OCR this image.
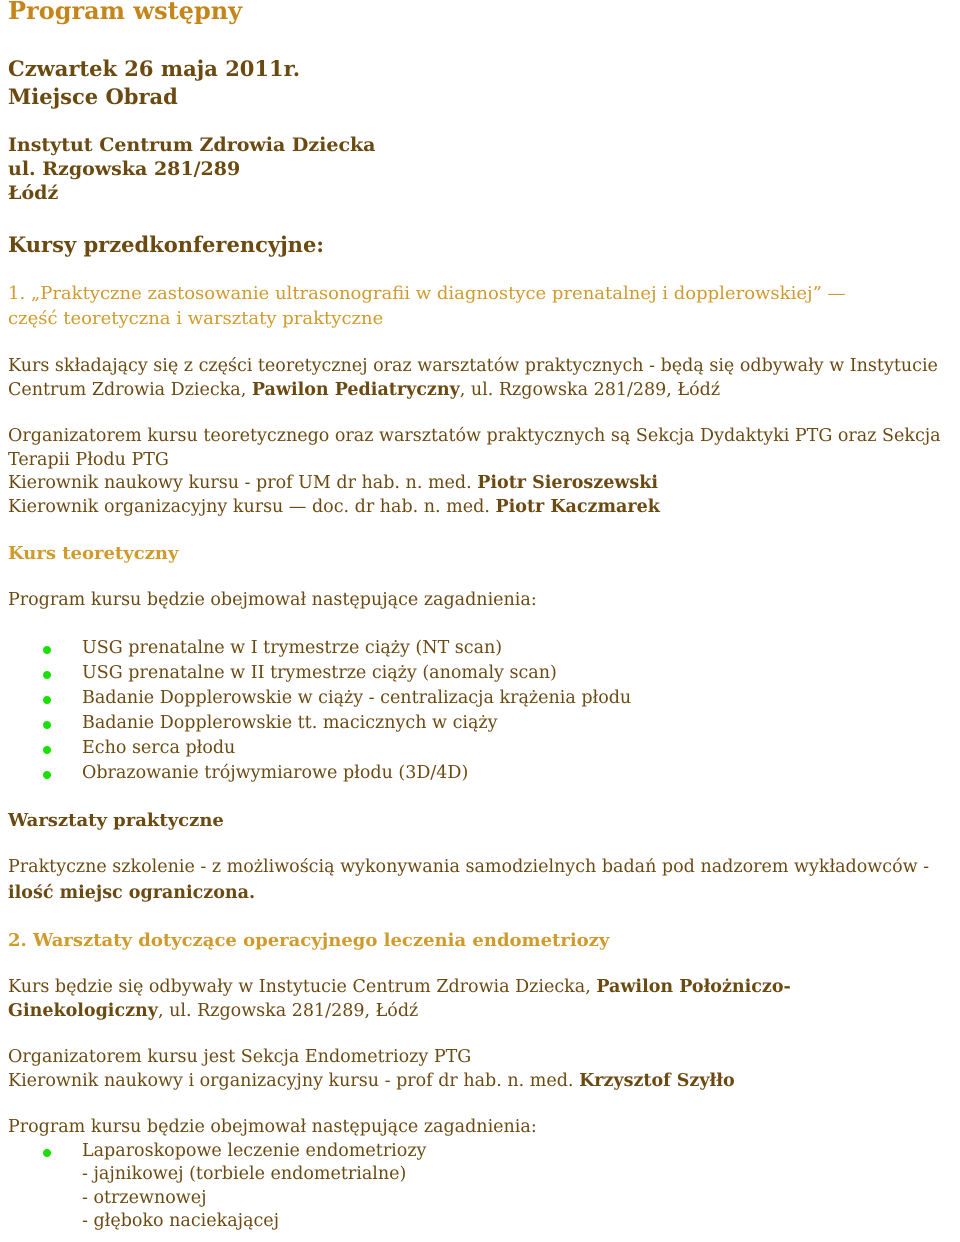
Program wstępny
Czwartek 26 maja 2011r.
Miejsce Obrad
Instytut Centrum Zdrowia Dziecka
ul. Rzgowska 281/289
Łódź
Kursy przedkonferencyjne:
1. „Praktyczne zastosowanie ultrasonografii w diagnostyce prenatalnej i dopplerowskiej” —
część teoretyczna i warsztaty praktyczne
Kurs składający się z części teoretycznej oraz warsztatów praktycznych - będą się odbywały w Instytucie
Centrum Zdrowia Dziecka, Pawilon Pediatryczny, ul. Rzgowska 281/289, Łódź
Organizatorem kursu teoretycznego oraz warsztatów praktycznych są Sekcja Dydaktyki PTG oraz Sekcja
Terapii Płodu PTG
Kierownik naukowy kursu - prof UM dr hab. n. med. Piotr Sieroszewski
Kierownik organizacyjny kursu — doc. dr hab. n. med. Piotr Kaczmarek
Kurs teoretyczny
Program kursu będzie obejmował następujące zagadnienia:
USG prenatalne w I trymestrze ciąży (NT scan)
USG prenatalne w II trymestrze ciąży (anomaly scan)
Badanie Dopplerowskie w ciąży - centralizacja krążenia płodu
Badanie Dopplerowskie tt. macicznych w ciąży
Echo serca płodu
Obrazowanie trójwymiarowe płodu (3D/4D)
Warsztaty praktyczne
Praktyczne szkolenie - z możliwością wykonywania samodzielnych badań pod nadzorem wykładowców -
ilość miejsc ograniczona.
2. Warsztaty dotyczące operacyjnego leczenia endometriozy
Kurs będzie się odbywały w Instytucie Centrum Zdrowia Dziecka, Pawilon Położniczo-
Ginekologiczny, ul. Rzgowska 281/289, Łódź
Organizatorem kursu jest Sekcja Endometriozy PTG
Kierownik naukowy i organizacyjny kursu - prof dr hab. n. med. Krzysztof Szyłło
Program kursu będzie obejmował następujące zagadnienia:
Laparoskopowe leczenie endometriozy
- jajnikowej (torbiele endometrialne)
- otrzewnowej
- głęboko naciekającej
